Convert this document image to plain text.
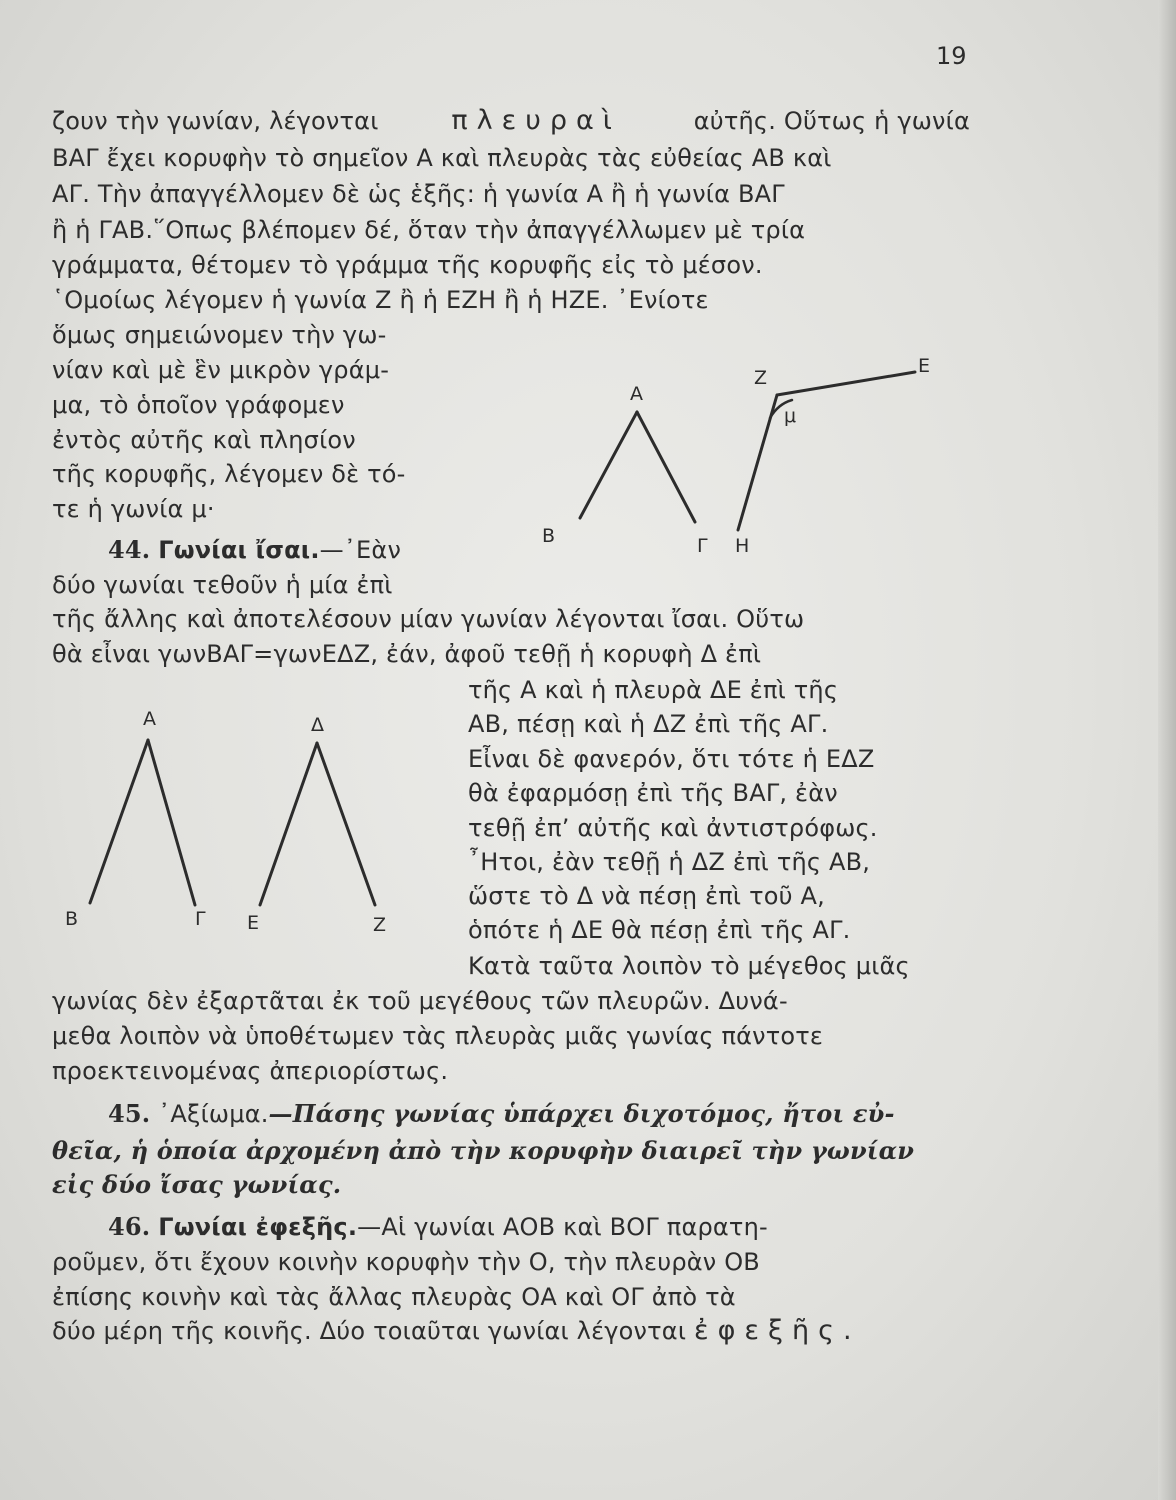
19
ζουν τὴν γωνίαν, λέγονται	πλευραὶ	αὐτῆς. Οὕτως ἡ γωνία
ΒΑΓ ἔχει κορυφὴν τὸ σημεῖον Α καὶ πλευρὰς τὰς εὐθείας ΑΒ καὶ
ΑΓ. Τὴν ἀπαγγέλλομεν δὲ ὡς ἑξῆς: ἡ γωνία Α ἢ ἡ γωνία ΒΑΓ
ἢ ἡ ΓΑΒ.῞Οπως βλέπομεν δέ, ὅταν τὴν ἀπαγγέλλωμεν μὲ τρία
γράμματα, θέτομεν τὸ γράμμα τῆς κορυφῆς εἰς τὸ μέσον.
῾Ομοίως λέγομεν ἡ γωνία Ζ ἢ ἡ ΕΖΗ ἢ ἡ ΗΖΕ. ᾿Ενίοτε
ὅμως σημειώνομεν τὴν γω-
νίαν καὶ μὲ ἓν μικρὸν γράμ-
μα, τὸ ὁποῖον γράφομεν
ἐντὸς αὐτῆς καὶ πλησίον
τῆς κορυφῆς, λέγομεν δὲ τό-
τε ἡ γωνία μ·
44. Γωνίαι ἴσαι.—᾿Εὰν
δύο γωνίαι τεθοῦν ἡ μία ἐπὶ
τῆς ἄλλης καὶ ἀποτελέσουν μίαν γωνίαν λέγονται ἴσαι. Οὕτω
θὰ εἶναι γωνΒΑΓ=γωνΕΔΖ, ἐάν, ἀφοῦ τεθῇ ἡ κορυφὴ Δ ἐπὶ
τῆς Α καὶ ἡ πλευρὰ ΔΕ ἐπὶ τῆς
ΑΒ, πέσῃ καὶ ἡ ΔΖ ἐπὶ τῆς ΑΓ.
Εἶναι δὲ φανερόν, ὅτι τότε ἡ ΕΔΖ
θὰ ἐφαρμόσῃ ἐπὶ τῆς ΒΑΓ, ἐὰν
τεθῇ ἐπ’ αὐτῆς καὶ ἀντιστρόφως.
῏Ητοι, ἐὰν τεθῇ ἡ ΔΖ ἐπὶ τῆς ΑΒ,
ὥστε τὸ Δ νὰ πέσῃ ἐπὶ τοῦ Α,
ὁπότε ἡ ΔΕ θὰ πέσῃ ἐπὶ τῆς ΑΓ.
Κατὰ ταῦτα λοιπὸν τὸ μέγεθος μιᾶς
γωνίας δὲν ἐξαρτᾶται ἐκ τοῦ μεγέθους τῶν πλευρῶν. Δυνά-
μεθα λοιπὸν νὰ ὑποθέτωμεν τὰς πλευρὰς μιᾶς γωνίας πάντοτε
προεκτεινομένας ἀπεριορίστως.
45. ᾿Αξίωμα.—Πάσης γωνίας ὑπάρχει διχοτόμος, ἤτοι εὐ-
θεῖα, ἡ ὁποία ἀρχομένη ἀπὸ τὴν κορυφὴν διαιρεῖ τὴν γωνίαν
εἰς δύο ἴσας γωνίας.
46. Γωνίαι ἐφεξῆς.—Αἱ γωνίαι ΑΟΒ καὶ ΒΟΓ παρατη-
ροῦμεν, ὅτι ἔχουν κοινὴν κορυφὴν τὴν Ο, τὴν πλευρὰν ΟΒ
ἐπίσης κοινὴν καὶ τὰς ἄλλας πλευρὰς ΟΑ καὶ ΟΓ ἀπὸ τὰ
δύο μέρη τῆς κοινῆς. Δύο τοιαῦται γωνίαι λέγονται ἐφεξῆς.
A
B	Γ
Z
E
H
μ
A
B	Γ
Δ
E	Z
